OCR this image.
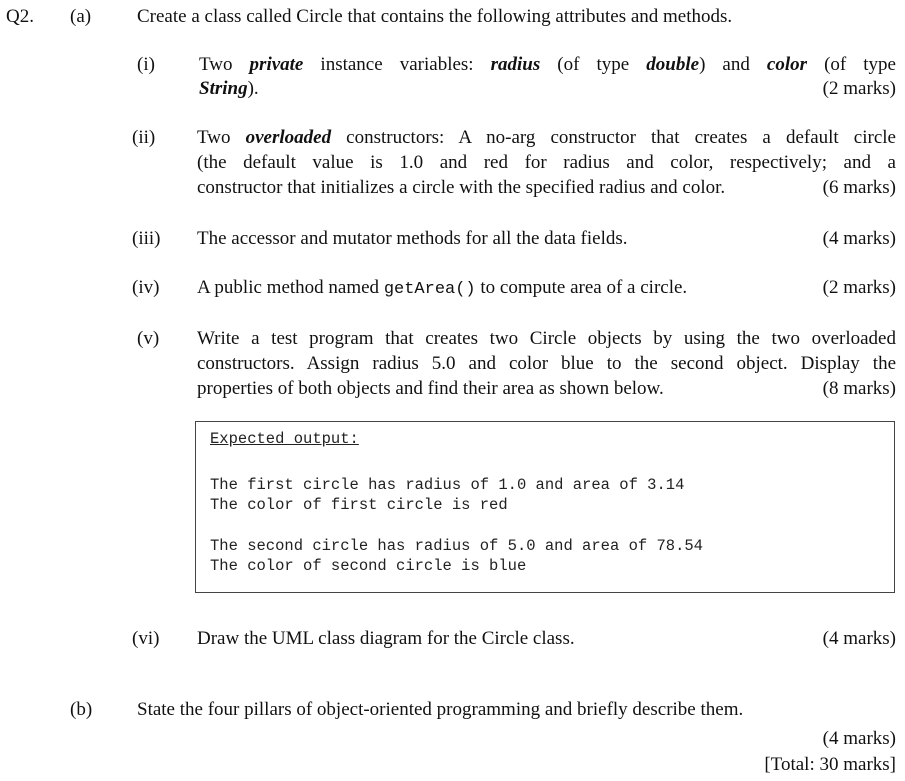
Q2. (a) Create a class called Circle that contains the following attributes and methods.
(i) Two private instance variables: radius (of type double) and color (of type
String).	(2 marks)
(ii) Two overloaded constructors: A no-arg constructor that creates a default circle
(the default value is 1.0 and red for radius and color, respectively; and a
constructor that initializes a circle with the specified radius and color.	(6 marks)
(iii) The accessor and mutator methods for all the data fields.	(4 marks)
(iv) A public method named getArea() to compute area of a circle.	(2 marks)
(v) Write a test program that creates two Circle objects by using the two overloaded
constructors. Assign radius 5.0 and color blue to the second object. Display the
properties of both objects and find their area as shown below.	(8 marks)
Expected output:
The first circle has radius of 1.0 and area of 3.14
The color of first circle is red
The second circle has radius of 5.0 and area of 78.54
The color of second circle is blue
(vi) Draw the UML class diagram for the Circle class.	(4 marks)
(b) State the four pillars of object-oriented programming and briefly describe them.
(4 marks)
[Total: 30 marks]
